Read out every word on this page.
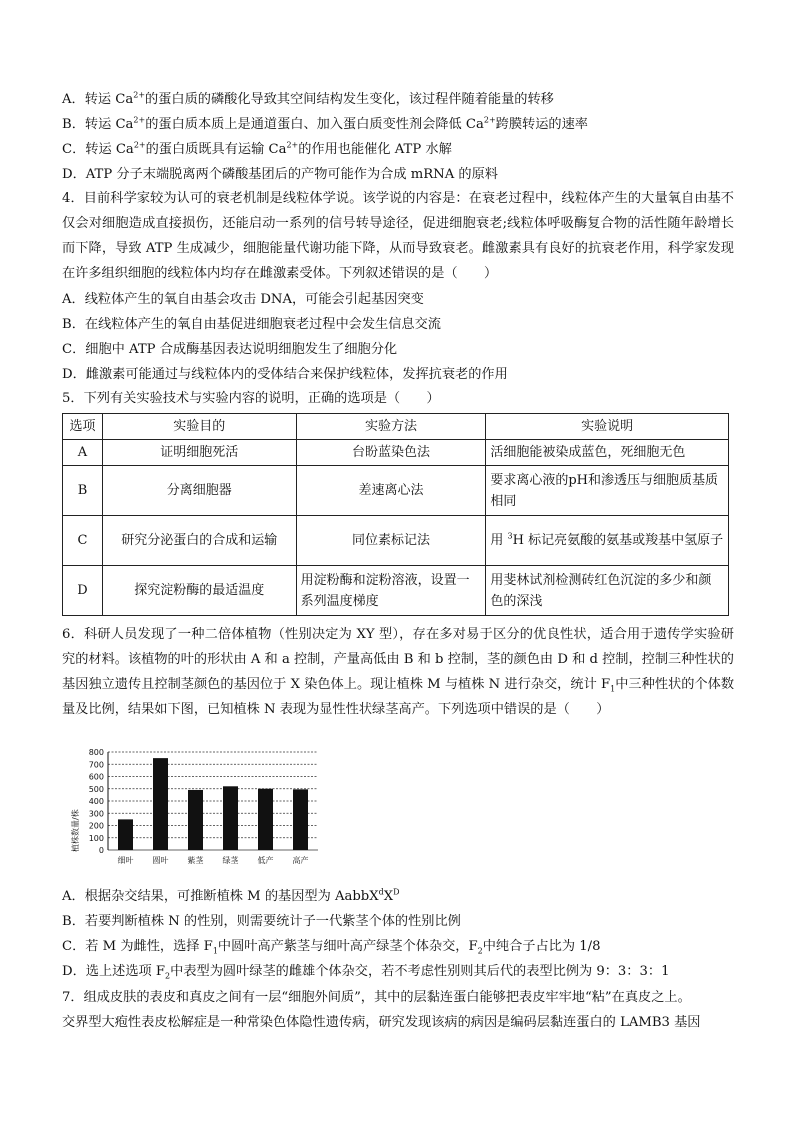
A．转运 $Ca^{2+}$的蛋白质的磷酸化导致其空间结构发生变化，该过程伴随着能量的转移
B．转运 $Ca^{2+}$的蛋白质本质上是通道蛋白、加入蛋白质变性剂会降低 $Ca^{2+}$跨膜转运的速率
C．转运 $Ca^{2+}$的蛋白质既具有运输 $Ca^{2+}$的作用也能催化 ATP 水解
D．ATP 分子末端脱离两个磷酸基团后的产物可能作为合成 mRNA 的原料
4．目前科学家较为认可的衰老机制是线粒体学说。该学说的内容是：在衰老过程中，线粒体产生的大量氧自由基不仅会对细胞造成直接损伤，还能启动一系列的信号转导途径，促进细胞衰老;线粒体呼吸酶复合物的活性随年龄增长而下降，导致 ATP 生成减少，细胞能量代谢功能下降，从而导致衰老。雌激素具有良好的抗衰老作用，科学家发现在许多组织细胞的线粒体内均存在雌激素受体。下列叙述错误的是（　　）
A．线粒体产生的氧自由基会攻击 DNA，可能会引起基因突变
B．在线粒体产生的氧自由基促进细胞衰老过程中会发生信息交流
C．细胞中 ATP 合成酶基因表达说明细胞发生了细胞分化
D．雌激素可能通过与线粒体内的受体结合来保护线粒体，发挥抗衰老的作用
5．下列有关实验技术与实验内容的说明，正确的选项是（　　）
选项	实验目的	实验方法	实验说明
A	证明细胞死活	台盼蓝染色法	活细胞能被染成蓝色，死细胞无色
B	分离细胞器	差速离心法	要求离心液的pH和渗透压与细胞质基质相同
C	研究分泌蛋白的合成和运输	同位素标记法	用 $^3$H 标记亮氨酸的氨基或羧基中氢原子
D	探究淀粉酶的最适温度	用淀粉酶和淀粉溶液，设置一系列温度梯度	用斐林试剂检测砖红色沉淀的多少和颜色的深浅
6．科研人员发现了一种二倍体植物（性别决定为 XY 型），存在多对易于区分的优良性状，适合用于遗传学实验研究的材料。该植物的叶的形状由 A 和 a 控制，产量高低由 B 和 b 控制，茎的颜色由 D 和 d 控制，控制三种性状的基因独立遗传且控制茎颜色的基因位于 X 染色体上。现让植株 M 与植株 N 进行杂交，统计 $F_1$中三种性状的个体数量及比例，结果如下图，已知植株 N 表现为显性性状绿茎高产。下列选项中错误的是（　　）
植株数量/株 0
100
200
300
400
500
600
700
800
细叶 圆叶 紫茎 绿茎 低产 高产
A．根据杂交结果，可推断植株 M 的基因型为 $AabbX^dX^D$
B．若要判断植株 N 的性别，则需要统计子一代紫茎个体的性别比例
C．若 M 为雌性，选择 $F_1$中圆叶高产紫茎与细叶高产绿茎个体杂交，$F_2$中纯合子占比为 1/8
D．选上述选项 $F_2$中表型为圆叶绿茎的雌雄个体杂交，若不考虑性别则其后代的表型比例为 9：3：3：1
7．组成皮肤的表皮和真皮之间有一层“细胞外间质”，其中的层黏连蛋白能够把表皮牢牢地“粘”在真皮之上。
交界型大疱性表皮松解症是一种常染色体隐性遗传病，研究发现该病的病因是编码层黏连蛋白的 LAMB3 基因
